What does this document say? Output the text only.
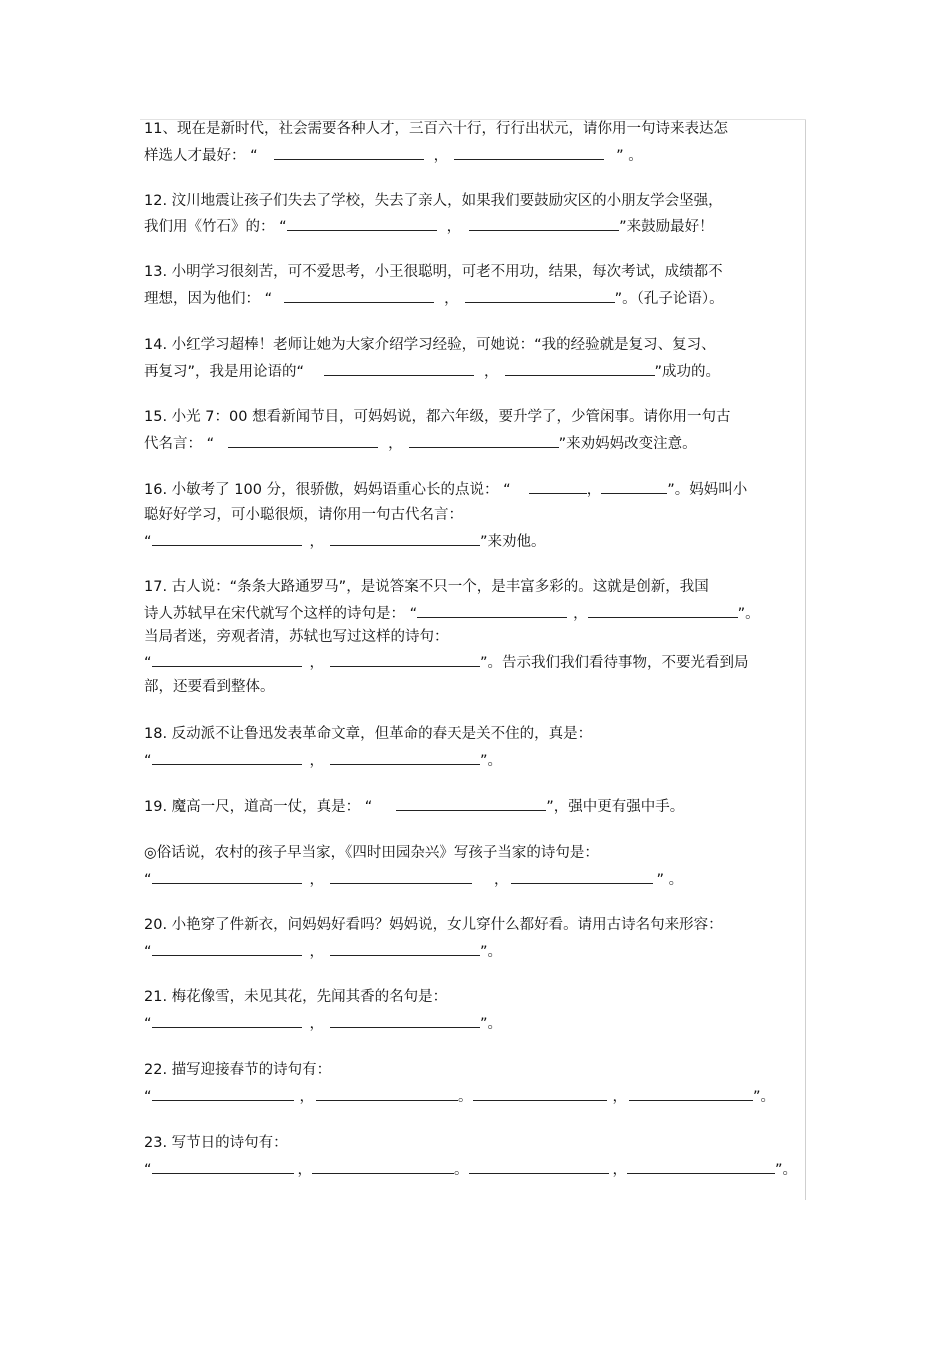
11、现在是新时代，社会需要各种人才，三百六十行，行行出状元，请你用一句诗来表达怎
样选人才最好： “	，	” 。
12. 汶川地震让孩子们失去了学校，失去了亲人，如果我们要鼓励灾区的小朋友学会坚强，
我们用《竹石》的： “	，	”来鼓励最好！
13. 小明学习很刻苦，可不爱思考，小王很聪明，可老不用功，结果，每次考试，成绩都不
理想，因为他们： “	，	”。（孔子论语）。
14. 小红学习超棒！老师让她为大家介绍学习经验，可她说：“我的经验就是复习、复习、
再复习”，我是用论语的“	，	”成功的。
15. 小光 7：00 想看新闻节目，可妈妈说，都六年级，要升学了，少管闲事。请你用一句古
代名言： “	，	”来劝妈妈改变注意。
16. 小敏考了 100 分，很骄傲，妈妈语重心长的点说： “	，	”。妈妈叫小
聪好好学习，可小聪很烦，请你用一句古代名言：
“	，	”来劝他。
17. 古人说：“条条大路通罗马”，是说答案不只一个，是丰富多彩的。这就是创新，我国
诗人苏轼早在宋代就写个这样的诗句是： “	，	”。
当局者迷，旁观者清，苏轼也写过这样的诗句：
“	，	”。告示我们我们看待事物，不要光看到局
部，还要看到整体。
18. 反动派不让鲁迅发表革命文章，但革命的春天是关不住的，真是：
“	，	”。
19. 魔高一尺，道高一仗，真是： “	”，强中更有强中手。
◎俗话说，农村的孩子早当家，《四时田园杂兴》写孩子当家的诗句是：
“	，	，	” 。
20. 小艳穿了件新衣，问妈妈好看吗？妈妈说，女儿穿什么都好看。请用古诗名句来形容：
“	，	”。
21. 梅花像雪，未见其花，先闻其香的名句是：
“	，	”。
22. 描写迎接春节的诗句有：
“	，	。	，	”。
23. 写节日的诗句有：
“	，	。	，	”。
